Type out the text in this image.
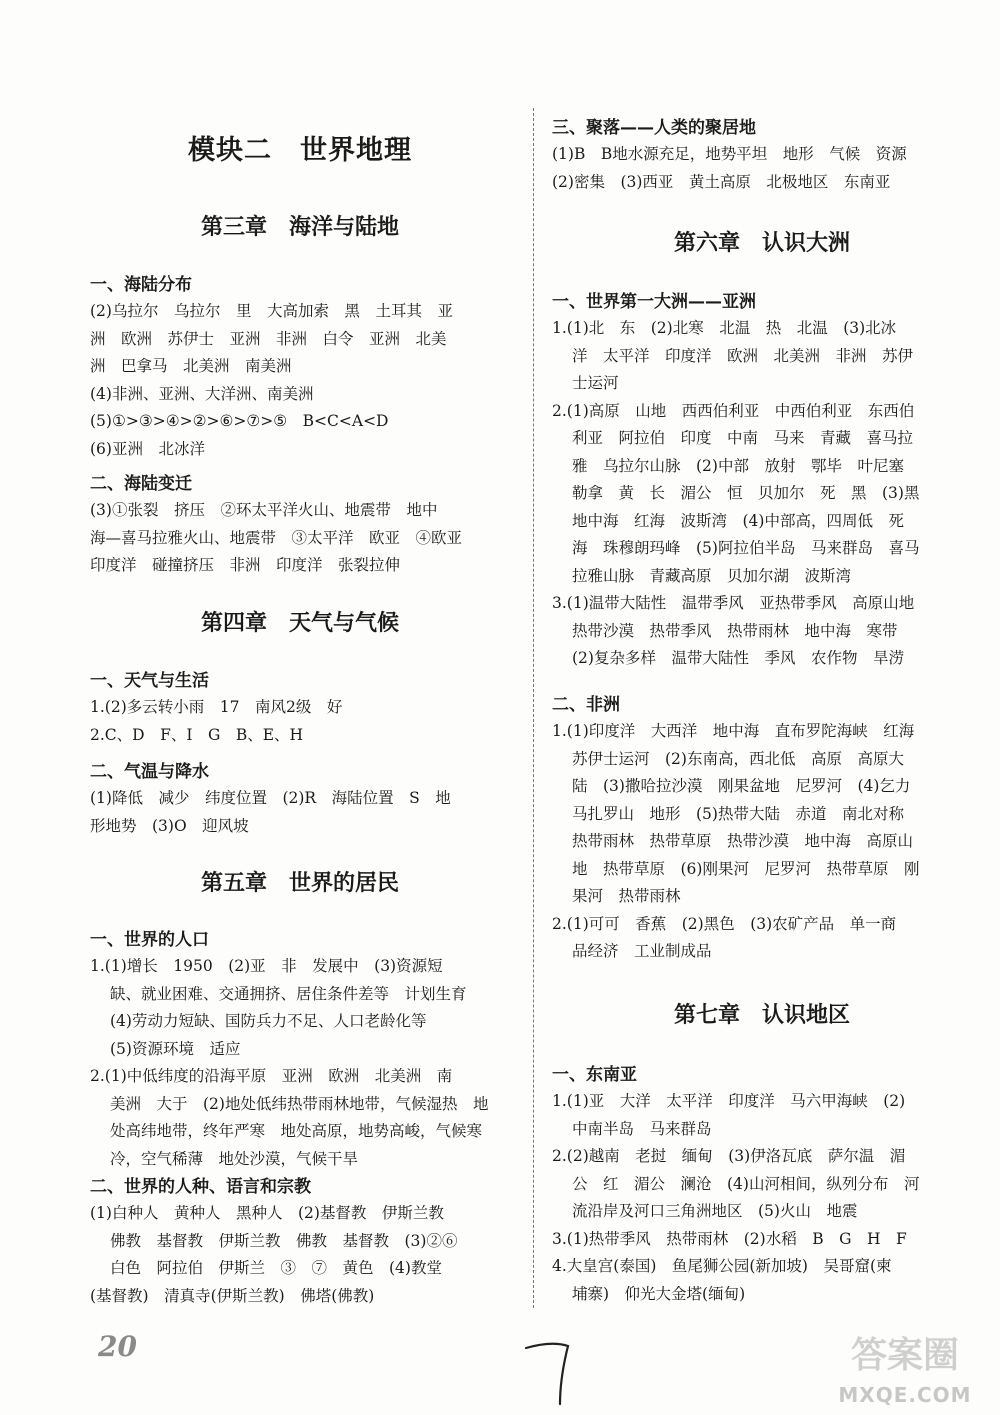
模块二　世界地理
第三章 海洋与陆地
一、海陆分布
(2)乌拉尔　乌拉尔　里　大高加索　黑　土耳其　亚
洲　欧洲　苏伊士　亚洲　非洲　白令　亚洲　北美
洲　巴拿马　北美洲　南美洲
(4)非洲、亚洲、大洋洲、南美洲
(5)①>③>④>②>⑥>⑦>⑤　B<C<A<D
(6)亚洲　北冰洋
二、海陆变迁
(3)①张裂　挤压　②环太平洋火山、地震带　地中
海—喜马拉雅火山、地震带　③太平洋　欧亚　④欧亚
印度洋　碰撞挤压　非洲　印度洋　张裂拉伸
第四章 天气与气候
一、天气与生活
1.(2)多云转小雨　17　南风2级　好
2.C、D　F、I　G　B、E、H
二、气温与降水
(1)降低　减少　纬度位置　(2)R　海陆位置　S　地
形地势　(3)O　迎风坡
第五章 世界的居民
一、世界的人口
1.(1)增长　1950　(2)亚　非　发展中　(3)资源短
缺、就业困难、交通拥挤、居住条件差等　计划生育
(4)劳动力短缺、国防兵力不足、人口老龄化等
(5)资源环境　适应
2.(1)中低纬度的沿海平原　亚洲　欧洲　北美洲　南
美洲　大于　(2)地处低纬热带雨林地带，气候湿热　地
处高纬地带，终年严寒　地处高原，地势高峻，气候寒
冷，空气稀薄　地处沙漠，气候干旱
二、世界的人种、语言和宗教
(1)白种人　黄种人　黑种人　(2)基督教　伊斯兰教
佛教　基督教　伊斯兰教　佛教　基督教　(3)②⑥
白色　阿拉伯　伊斯兰　③　⑦　黄色　(4)教堂
(基督教)　清真寺(伊斯兰教)　佛塔(佛教)
三、聚落——人类的聚居地
(1)B　B地水源充足，地势平坦　地形　气候　资源
(2)密集　(3)西亚　黄土高原　北极地区　东南亚
第六章 认识大洲
一、世界第一大洲——亚洲
1.(1)北　东　(2)北寒　北温　热　北温　(3)北冰
洋　太平洋　印度洋　欧洲　北美洲　非洲　苏伊
士运河
2.(1)高原　山地　西西伯利亚　中西伯利亚　东西伯
利亚　阿拉伯　印度　中南　马来　青藏　喜马拉
雅　乌拉尔山脉　(2)中部　放射　鄂毕　叶尼塞
勒拿　黄　长　湄公　恒　贝加尔　死　黑　(3)黑
地中海　红海　波斯湾　(4)中部高，四周低　死
海　珠穆朗玛峰　(5)阿拉伯半岛　马来群岛　喜马
拉雅山脉　青藏高原　贝加尔湖　波斯湾
3.(1)温带大陆性　温带季风　亚热带季风　高原山地
热带沙漠　热带季风　热带雨林　地中海　寒带
(2)复杂多样　温带大陆性　季风　农作物　旱涝
二、非洲
1.(1)印度洋　大西洋　地中海　直布罗陀海峡　红海
苏伊士运河　(2)东南高，西北低　高原　高原大
陆　(3)撒哈拉沙漠　刚果盆地　尼罗河　(4)乞力
马扎罗山　地形　(5)热带大陆　赤道　南北对称
热带雨林　热带草原　热带沙漠　地中海　高原山
地　热带草原　(6)刚果河　尼罗河　热带草原　刚
果河　热带雨林
2.(1)可可　香蕉　(2)黑色　(3)农矿产品　单一商
品经济　工业制成品
第七章 认识地区
一、东南亚
1.(1)亚　大洋　太平洋　印度洋　马六甲海峡　(2)
中南半岛　马来群岛
2.(2)越南　老挝　缅甸　(3)伊洛瓦底　萨尔温　湄
公　红　湄公　澜沧　(4)山河相间，纵列分布　河
流沿岸及河口三角洲地区　(5)火山　地震
3.(1)热带季风　热带雨林　(2)水稻　B　G　H　F
4.大皇宫(泰国)　鱼尾狮公园(新加坡)　吴哥窟(柬
埔寨)　仰光大金塔(缅甸)
20	答案圈
MXQE.COM
